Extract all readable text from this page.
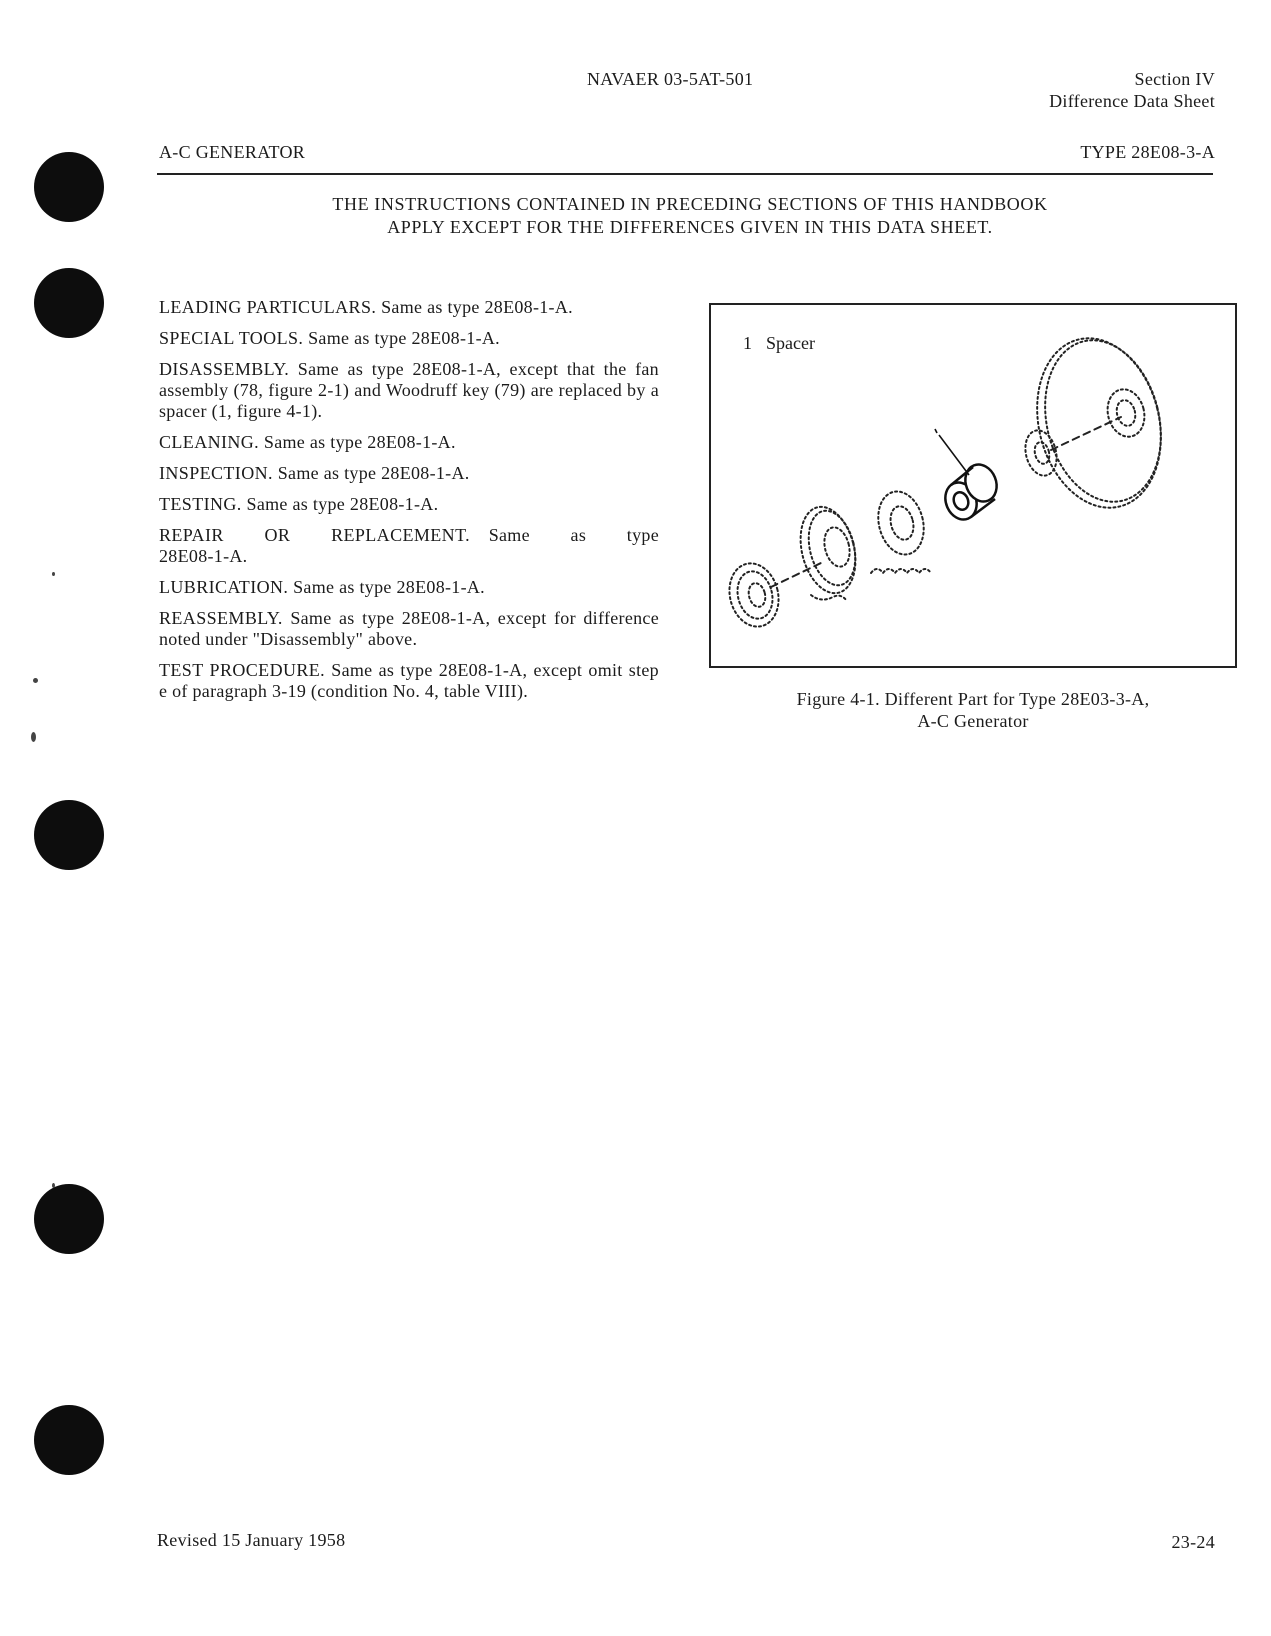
NAVAER 03-5AT-501	Section IV
Difference Data Sheet
A-C GENERATOR	TYPE 28E08-3-A
THE INSTRUCTIONS CONTAINED IN PRECEDING SECTIONS OF THIS HANDBOOK
APPLY EXCEPT FOR THE DIFFERENCES GIVEN IN THIS DATA SHEET.

LEADING PARTICULARS. Same as type 28E08-1-A.

SPECIAL TOOLS. Same as type 28E08-1-A.

DISASSEMBLY. Same as type 28E08-1-A, except that the fan assembly (78, figure 2-1) and Woodruff key (79) are replaced by a spacer (1, figure 4-1).

CLEANING. Same as type 28E08-1-A.

INSPECTION. Same as type 28E08-1-A.

TESTING. Same as type 28E08-1-A.

REPAIR OR REPLACEMENT. Same as type 28E08-1-A.

LUBRICATION. Same as type 28E08-1-A.

REASSEMBLY. Same as type 28E08-1-A, except for difference noted under "Disassembly" above.

TEST PROCEDURE. Same as type 28E08-1-A, except omit step e of paragraph 3-19 (condition No. 4, table VIII).

1 Spacer
Figure 4-1. Different Part for Type 28E03-3-A,
A-C Generator
Revised 15 January 1958	23-24
